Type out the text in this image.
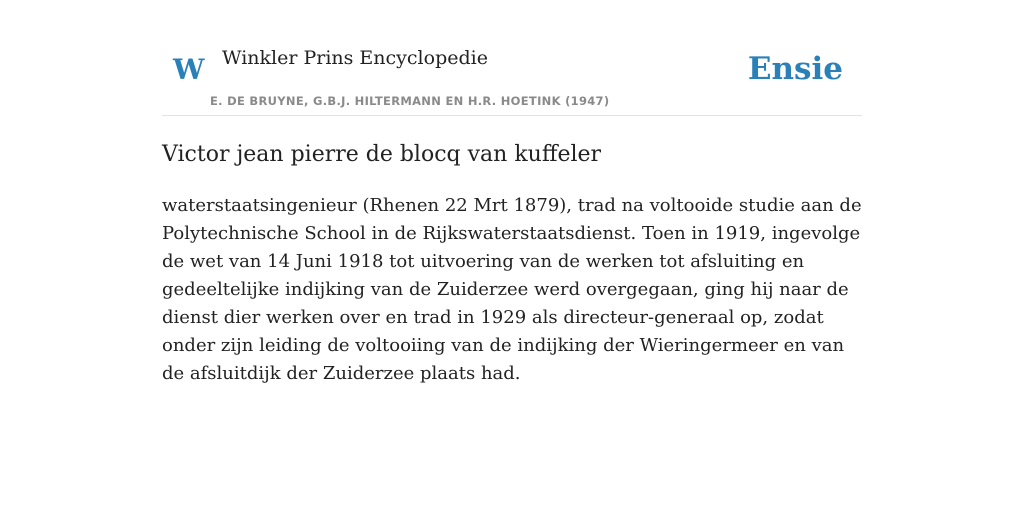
W Winkler Prins Encyclopedie
E. DE BRUYNE, G.B.J. HILTERMANN EN H.R. HOETINK (1947)
Ensie
Victor jean pierre de blocq van kuffeler

waterstaatsingenieur (Rhenen 22 Mrt 1879), trad na voltooide studie aan de Polytechnische School in de Rijkswaterstaatsdienst. Toen in 1919, ingevolge de wet van 14 Juni 1918 tot uitvoering van de werken tot afsluiting en gedeeltelijke indijking van de Zuiderzee werd overgegaan, ging hij naar de dienst dier werken over en trad in 1929 als directeur-generaal op, zodat onder zijn leiding de voltooiing van de indijking der Wieringermeer en van de afsluitdijk der Zuiderzee plaats had.
